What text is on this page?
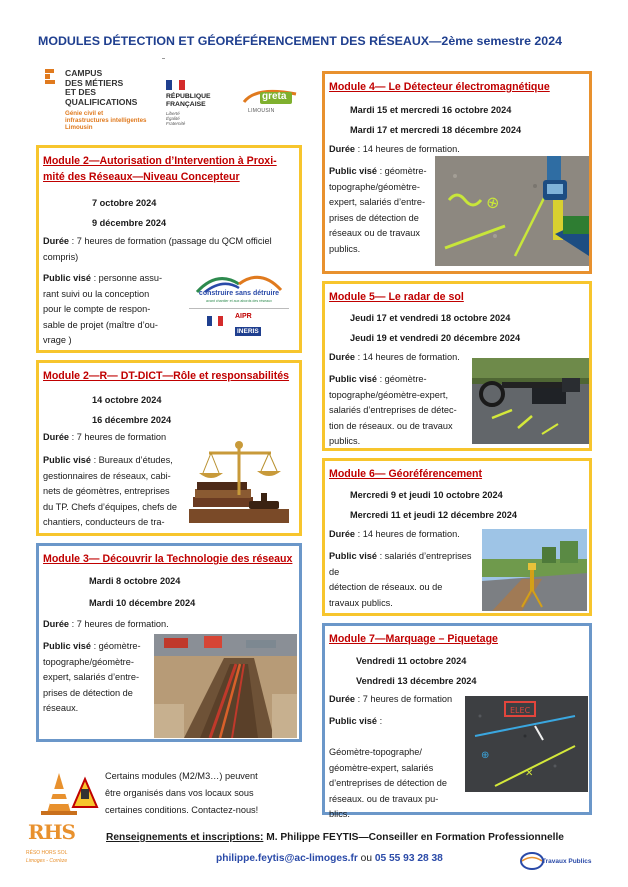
MODULES DÉTECTION ET GÉORÉFÉRENCEMENT DES RÉSEAUX—2ème semestre 2024
CAMPUS
DES MÉTIERS
ET DES
QUALIFICATIONS
Génie civil et
infrastructures intelligentes
Limousin
RÉPUBLIQUE
FRANÇAISE
Liberté
Égalité
Fraternité
greta
LIMOUSIN
Module 2—Autorisation d’Intervention à Proxi-
mité des Réseaux—Niveau Concepteur
7 octobre 2024
9 décembre 2024
Durée : 7 heures de formation (passage du QCM officiel
compris)
Public visé : personne assu-
rant suivi ou la conception
pour le compte de respon-
sable de projet (maître d’ou-
vrage )
construire sans détruire
avant chantier et aux abords des réseaux
AIPR
INERIS
Module 2—R— DT-DICT—Rôle et responsabilités
14 octobre 2024
16 décembre 2024
Durée : 7 heures de formation
Public visé : Bureaux d’études,
gestionnaires de réseaux, cabi-
nets de géomètres, entreprises
du TP. Chefs d’équipes, chefs de
chantiers, conducteurs de tra-
Module 3— Découvrir la Technologie des réseaux
Mardi 8 octobre 2024
Mardi 10 décembre 2024
Durée : 7 heures de formation.
Public visé : géomètre-
topographe/géomètre-
expert, salariés d’entre-
prises de détection de
réseaux.
Module 4— Le Détecteur électromagnétique
Mardi 15 et mercredi 16 octobre 2024
Mardi 17 et mercredi 18 décembre 2024
Durée : 14 heures de formation.
Public visé : géomètre-
topographe/géomètre-
expert, salariés d’entre-
prises de détection de
réseaux ou de travaux
publics.
⊕
Module 5— Le radar de sol
Jeudi 17 et vendredi 18 octobre 2024
Jeudi 19 et vendredi 20 décembre 2024
Durée : 14 heures de formation.
Public visé : géomètre-
topographe/géomètre-expert,
salariés d’entreprises de détec-
tion de réseaux. ou de travaux
publics.
Module 6— Géoréférencement
Mercredi 9 et jeudi 10 octobre 2024
Mercredi 11 et jeudi 12 décembre 2024
Durée : 14 heures de formation.
Public visé : salariés d’entreprises de
détection de réseaux. ou de
travaux publics.
Module 7—Marquage – Piquetage
Vendredi 11 octobre 2024
Vendredi 13 décembre 2024
Durée : 7 heures de formation
Public visé :
Géomètre-topographe/
géomètre-expert, salariés
d’entreprises de détection de
réseaux. ou de travaux pu-
blics.
ELEC
⊕
✕
Certains modules (M2/M3…) peuvent
être organisés dans vos locaux sous
certaines conditions. Contactez-nous!
RHS
RÉSO HORS SOL
Limoges - Corrèze
Renseignements et inscriptions: M. Philippe FEYTIS—Conseiller en Formation Professionnelle
philippe.feytis@ac-limoges.fr ou 05 55 93 28 38	Travaux Publics
